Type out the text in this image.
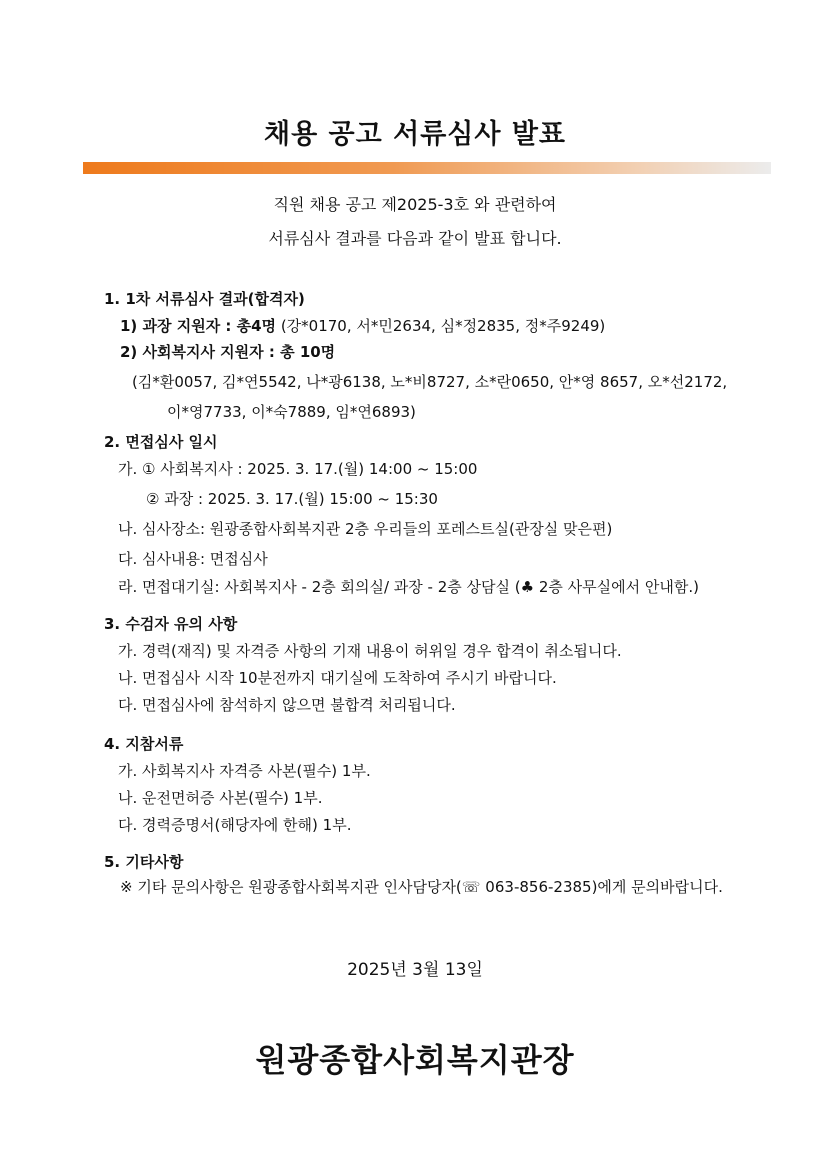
채용 공고 서류심사 발표
직원 채용 공고 제2025-3호 와 관련하여
서류심사 결과를 다음과 같이 발표 합니다.
1. 1차 서류심사 결과(합격자)
1) 과장 지원자 : 총4명 (강*0170, 서*민2634, 심*정2835, 정*주9249)
2) 사회복지사 지원자 : 총 10명
(김*환0057, 김*연5542, 나*광6138, 노*비8727, 소*란0650, 안*영 8657, 오*선2172,
이*영7733, 이*숙7889, 임*연6893)
2. 면접심사 일시
가. ① 사회복지사 : 2025. 3. 17.(월) 14:00 ~ 15:00
② 과장 : 2025. 3. 17.(월) 15:00 ~ 15:30
나. 심사장소: 원광종합사회복지관 2층 우리들의 포레스트실(관장실 맞은편)
다. 심사내용: 면접심사
라. 면접대기실: 사회복지사 - 2층 회의실/ 과장 - 2층 상담실 (♣ 2층 사무실에서 안내함.)
3. 수검자 유의 사항
가. 경력(재직) 및 자격증 사항의 기재 내용이 허위일 경우 합격이 취소됩니다.
나. 면접심사 시작 10분전까지 대기실에 도착하여 주시기 바랍니다.
다. 면접심사에 참석하지 않으면 불합격 처리됩니다.
4. 지참서류
가. 사회복지사 자격증 사본(필수) 1부.
나. 운전면허증 사본(필수) 1부.
다. 경력증명서(해당자에 한해) 1부.
5. 기타사항
※ 기타 문의사항은 원광종합사회복지관 인사담당자(☏ 063-856-2385)에게 문의바랍니다.
2025년 3월 13일
원광종합사회복지관장
